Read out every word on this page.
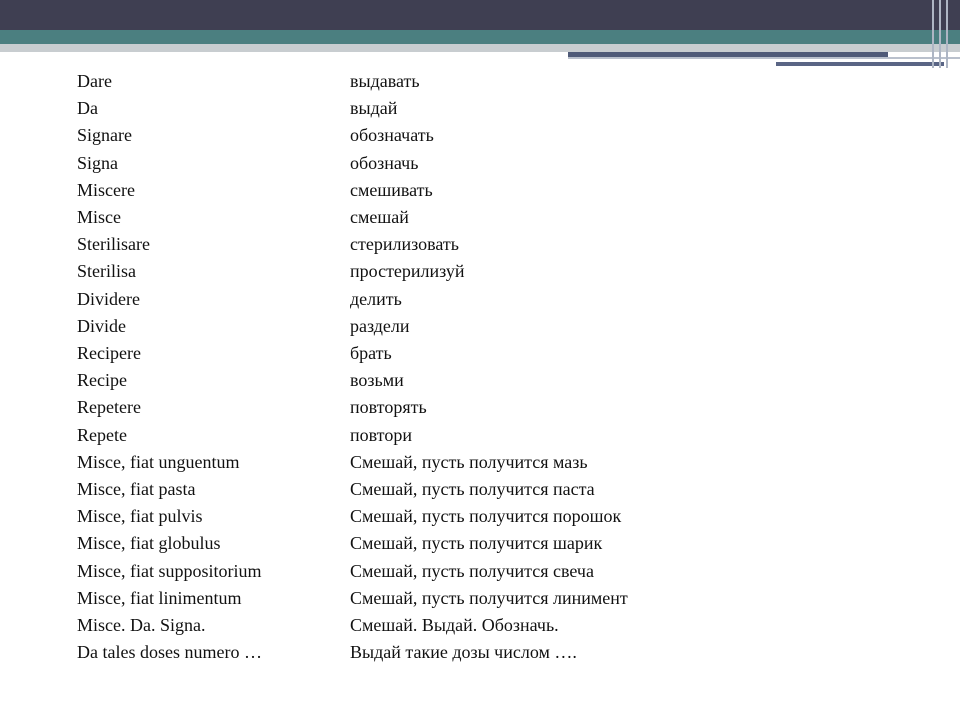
Dare	выдавать
Da	выдай
Signare	обозначать
Signa	обозначь
Miscere	смешивать
Misce	смешай
Sterilisare	стерилизовать
Sterilisa	простерилизуй
Dividere	делить
Divide	раздели
Recipere	брать
Recipe	возьми
Repetere	повторять
Repete	повтори
Misce, fiat unguentum	Смешай, пусть получится мазь
Misce, fiat pasta	Смешай, пусть получится паста
Misce, fiat pulvis	Смешай, пусть получится порошок
Misce, fiat globulus	Смешай, пусть получится шарик
Misce, fiat suppositorium	Смешай, пусть получится свеча
Misce, fiat linimentum	Смешай, пусть получится линимент
Misce. Da. Signa.	Смешай. Выдай. Обозначь.
Da tales doses numero …	Выдай такие дозы числом ….
